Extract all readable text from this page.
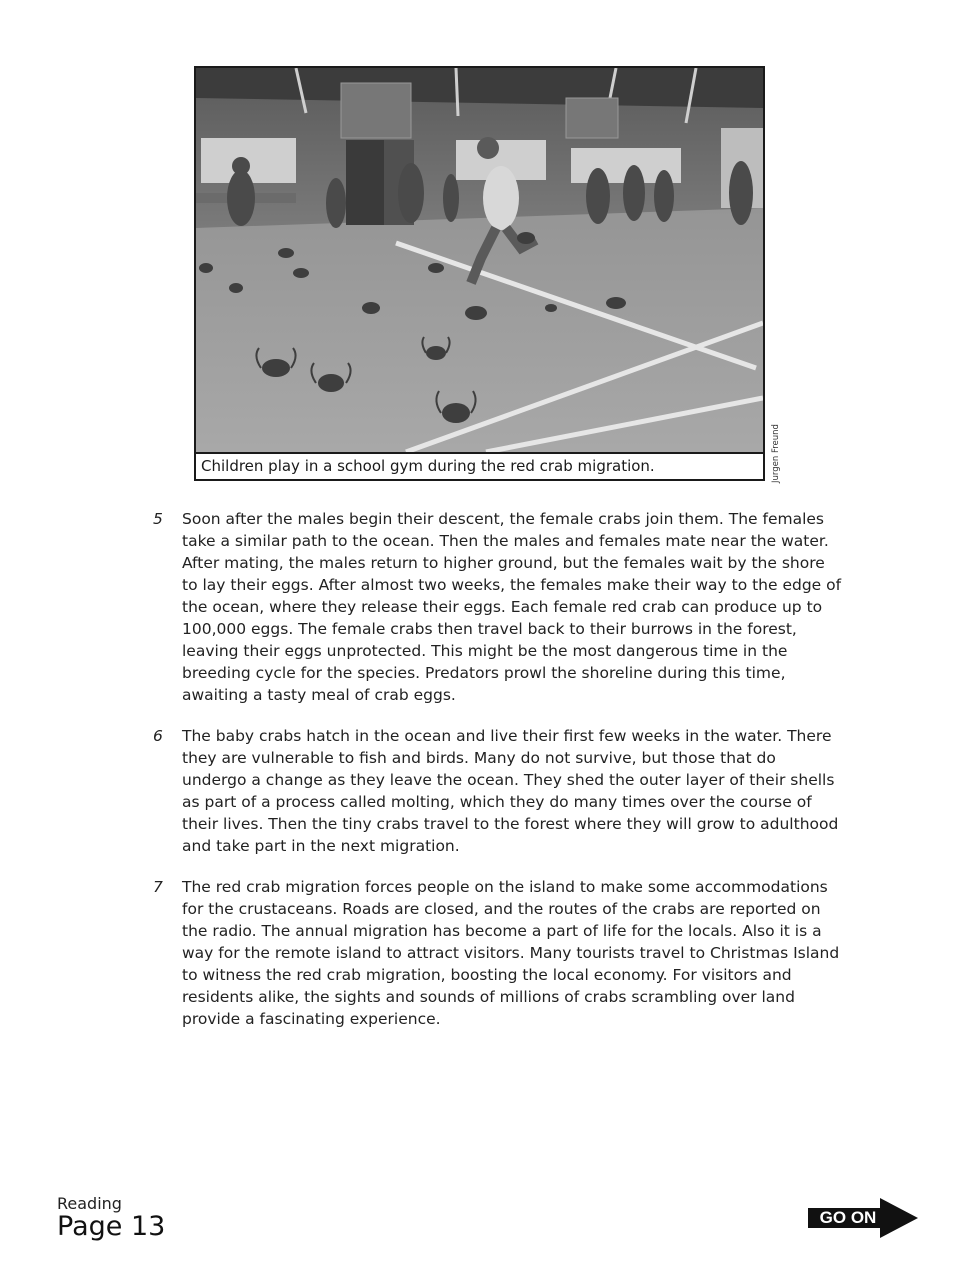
Children play in a school gym during the red crab migration.	Jurgen Freund
5 Soon after the males begin their descent, the female crabs join them. The females take a similar path to the ocean. Then the males and females mate near the water. After mating, the males return to higher ground, but the females wait by the shore to lay their eggs. After almost two weeks, the females make their way to the edge of the ocean, where they release their eggs. Each female red crab can produce up to 100,000 eggs. The female crabs then travel back to their burrows in the forest, leaving their eggs unprotected. This might be the most dangerous time in the breeding cycle for the species. Predators prowl the shoreline during this time, awaiting a tasty meal of crab eggs.
6 The baby crabs hatch in the ocean and live their first few weeks in the water. There they are vulnerable to fish and birds. Many do not survive, but those that do undergo a change as they leave the ocean. They shed the outer layer of their shells as part of a process called molting, which they do many times over the course of their lives. Then the tiny crabs travel to the forest where they will grow to adulthood and take part in the next migration.
7 The red crab migration forces people on the island to make some accommodations for the crustaceans. Roads are closed, and the routes of the crabs are reported on the radio. The annual migration has become a part of life for the locals. Also it is a way for the remote island to attract visitors. Many tourists travel to Christmas Island to witness the red crab migration, boosting the local economy. For visitors and residents alike, the sights and sounds of millions of crabs scrambling over land provide a fascinating experience.
Reading
Page 13	GO ON
